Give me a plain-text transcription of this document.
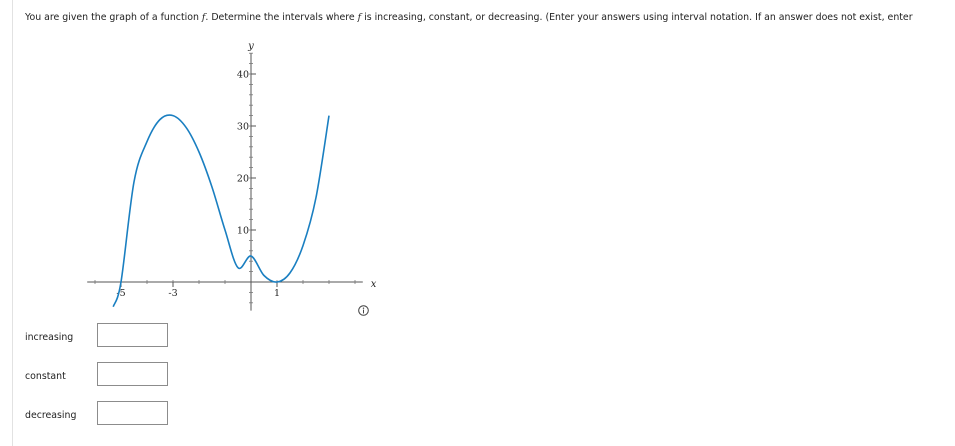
You are given the graph of a function f. Determine the intervals where f is increasing, constant, or decreasing. (Enter your answers using interval notation. If an answer does not exist, enter
10
20
30
40
-5	-3	1
y
x
increasing
constant
decreasing
